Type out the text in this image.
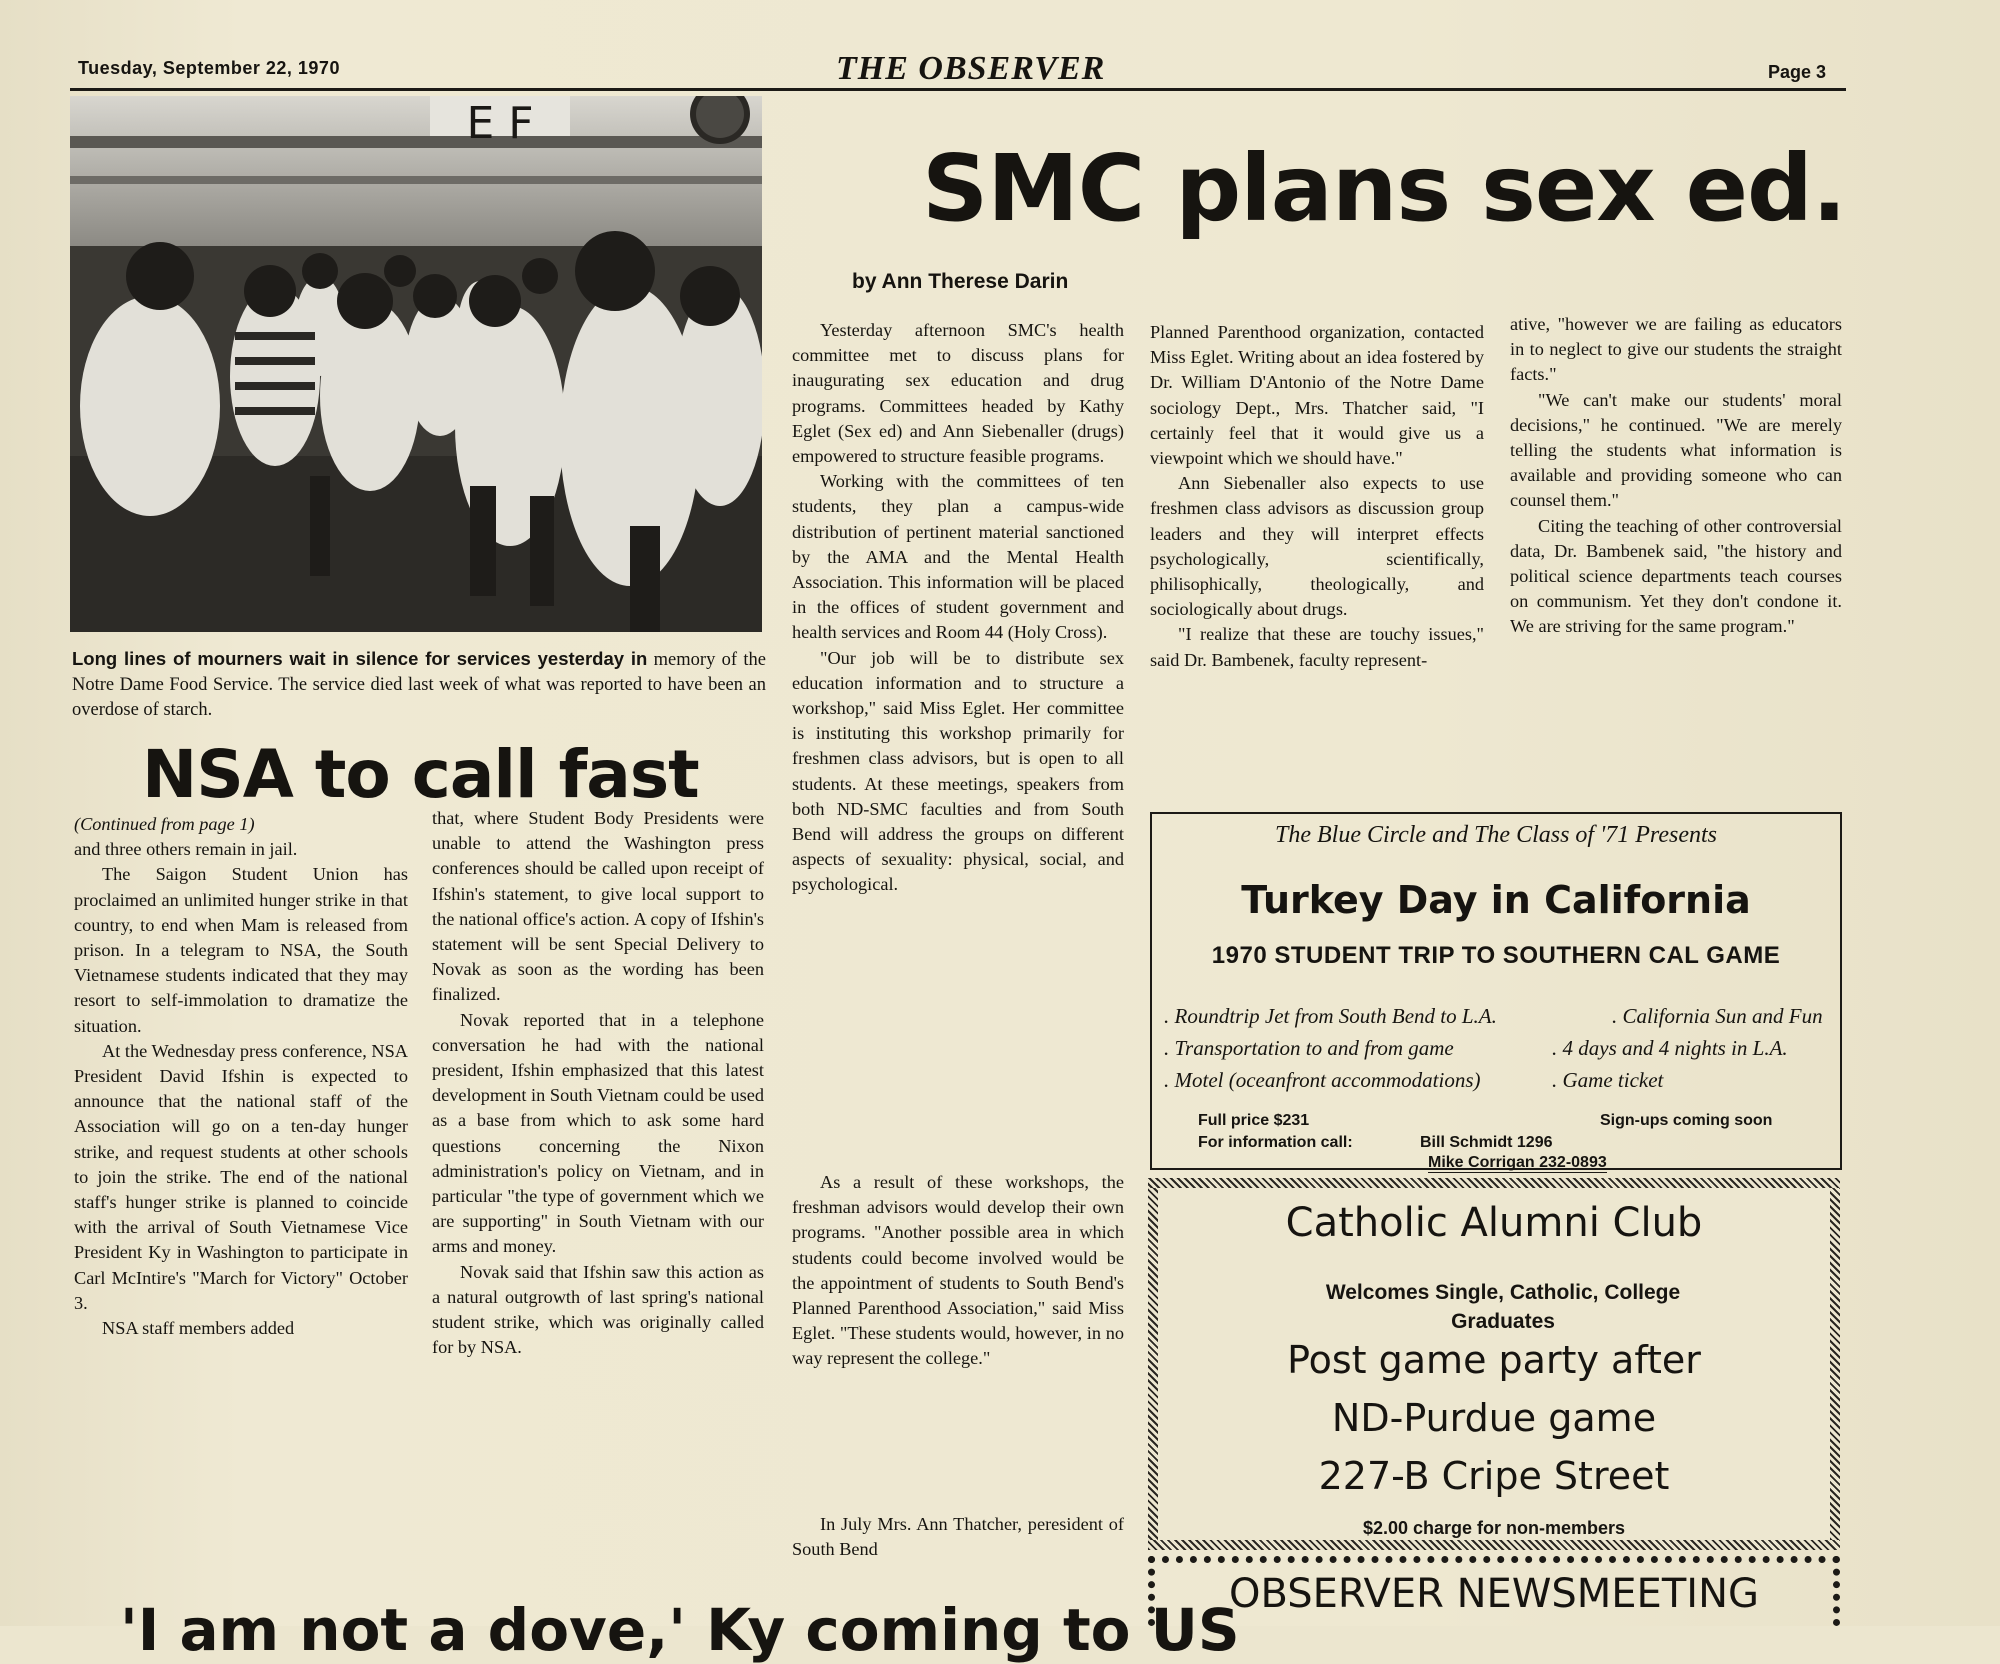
Tuesday, September 22, 1970	THE OBSERVER	Page 3
E F
Long lines of mourners wait in silence for services yesterday in memory of the Notre Dame Food Service. The service died last week of what was reported to have been an overdose of starch.
NSA to call fast

(Continued from page 1)

and three others remain in jail.

The Saigon Student Union has proclaimed an unlimited hunger strike in that country, to end when Mam is released from prison. In a telegram to NSA, the South Vietnamese students indicated that they may resort to self-immolation to dramatize the situation.

At the Wednesday press conference, NSA President David Ifshin is expected to announce that the national staff of the Association will go on a ten-day hunger strike, and request students at other schools to join the strike. The end of the national staff's hunger strike is planned to coincide with the arrival of South Vietnamese Vice President Ky in Washington to participate in Carl McIntire's "March for Victory" October 3.

NSA staff members added

that, where Student Body Presidents were unable to attend the Washington press conferences should be called upon receipt of Ifshin's statement, to give local support to the national office's action. A copy of Ifshin's statement will be sent Special Delivery to Novak as soon as the wording has been finalized.

Novak reported that in a telephone conversation he had with the national president, Ifshin emphasized that this latest development in South Vietnam could be used as a base from which to ask some hard questions concerning the Nixon administration's policy on Vietnam, and in particular "the type of government which we are supporting" in South Vietnam with our arms and money.

Novak said that Ifshin saw this action as a natural outgrowth of last spring's national student strike, which was originally called for by NSA.

SMC plans sex ed.
by Ann Therese Darin

Yesterday afternoon SMC's health committee met to discuss plans for inaugurating sex education and drug programs. Committees headed by Kathy Eglet (Sex ed) and Ann Siebenaller (drugs) empowered to structure feasible programs.

Working with the committees of ten students, they plan a campus-wide distribution of pertinent material sanctioned by the AMA and the Mental Health Association. This information will be placed in the offices of student government and health services and Room 44 (Holy Cross).

"Our job will be to distribute sex education information and to structure a workshop," said Miss Eglet. Her committee is instituting this workshop primarily for freshmen class advisors, but is open to all students. At these meetings, speakers from both ND-SMC faculties and from South Bend will address the groups on different aspects of sexuality: physical, social, and psychological.

As a result of these workshops, the freshman advisors would develop their own programs. "Another possible area in which students could become involved would be the appointment of students to South Bend's Planned Parenthood Association," said Miss Eglet. "These students would, however, in no way represent the college."

In July Mrs. Ann Thatcher, peresident of South Bend

Planned Parenthood organization, contacted Miss Eglet. Writing about an idea fostered by Dr. William D'Antonio of the Notre Dame sociology Dept., Mrs. Thatcher said, "I certainly feel that it would give us a viewpoint which we should have."

Ann Siebenaller also expects to use freshmen class advisors as discussion group leaders and they will interpret effects psychologically, scientifically, philisophically, theologically, and sociologically about drugs.

"I realize that these are touchy issues," said Dr. Bambenek, faculty represent-

ative, "however we are failing as educators in to neglect to give our students the straight facts."

"We can't make our students' moral decisions," he continued. "We are merely telling the students what information is available and providing someone who can counsel them."

Citing the teaching of other controversial data, Dr. Bambenek said, "the history and political science departments teach courses on communism. Yet they don't condone it. We are striving for the same program."

The Blue Circle and The Class of '71 Presents
Turkey Day in California
1970 STUDENT TRIP TO SOUTHERN CAL GAME
. Roundtrip Jet from South Bend to L.A.	. California Sun and Fun
. Transportation to and from game	. 4 days and 4 nights in L.A.
. Motel (oceanfront accommodations)	. Game ticket
Full price $231	Sign-ups coming soon
For information call:	Bill Schmidt 1296
Mike Corrigan 232-0893
Catholic Alumni Club
Welcomes Single, Catholic, College Graduates
Post game party after
ND-Purdue game
227-B Cripe Street
$2.00 charge for non-members
OBSERVER NEWSMEETING
'I am not a dove,' Ky coming to US
